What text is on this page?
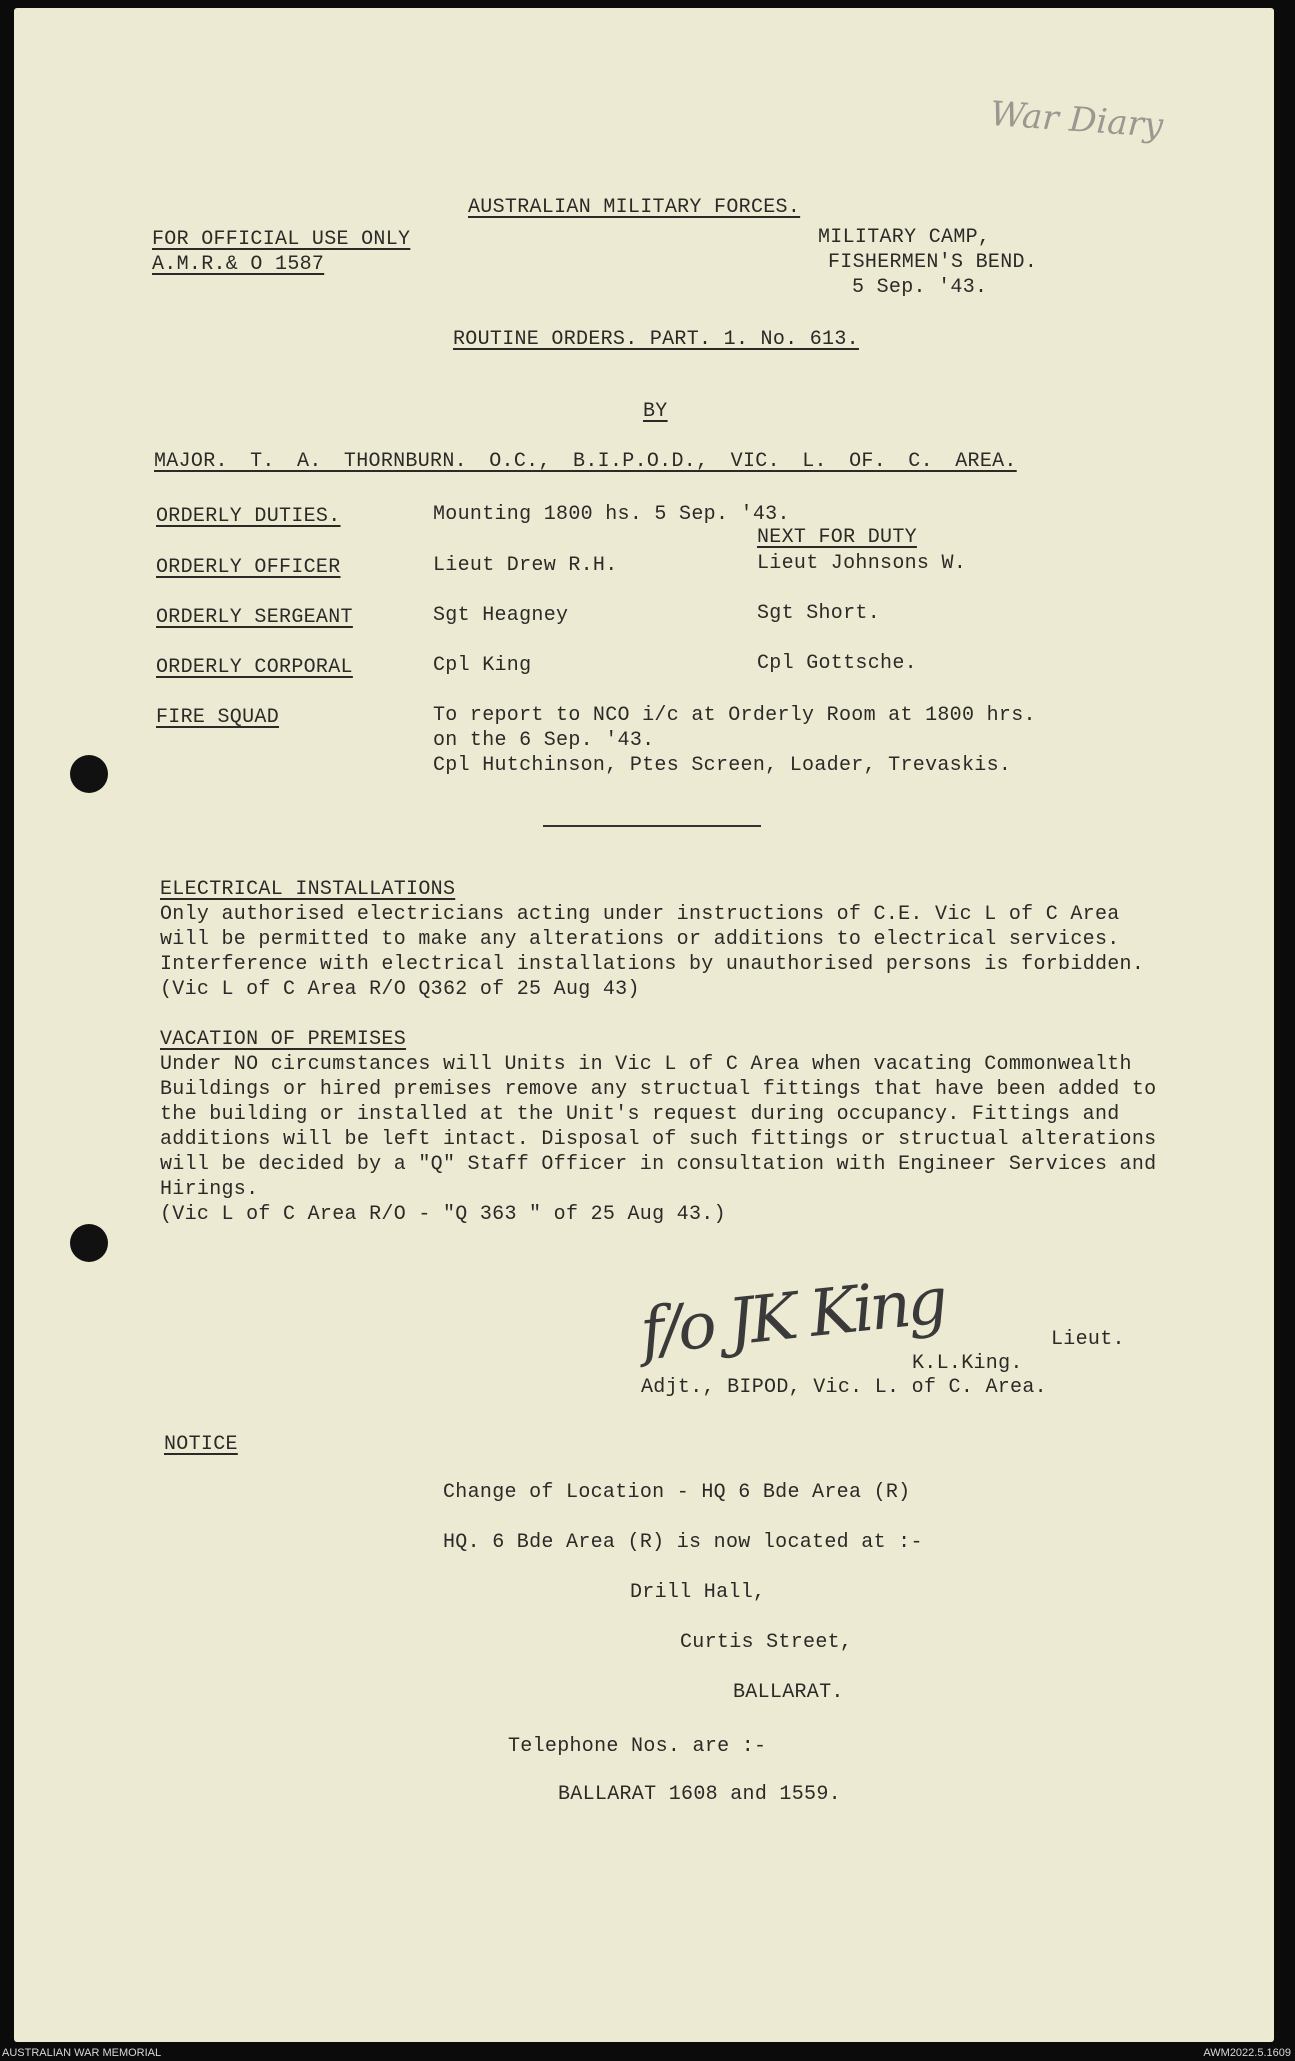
War Diary
AUSTRALIAN MILITARY FORCES.
FOR OFFICIAL USE ONLY
A.M.R.& O 1587
MILITARY CAMP,
FISHERMEN'S BEND.
5 Sep. '43.
ROUTINE ORDERS. PART. 1. No. 613.
BY
MAJOR. T. A. THORNBURN. O.C., B.I.P.O.D., VIC. L. OF. C. AREA.
ORDERLY DUTIES.	Mounting 1800 hs. 5 Sep. '43.
NEXT FOR DUTY
ORDERLY OFFICER	Lieut Drew R.H.	Lieut Johnsons W.
ORDERLY SERGEANT	Sgt Heagney	Sgt Short.
ORDERLY CORPORAL	Cpl King	Cpl Gottsche.
FIRE SQUAD	To report to NCO i/c at Orderly Room at 1800 hrs.
on the 6 Sep. '43.
Cpl Hutchinson, Ptes Screen, Loader, Trevaskis.
ELECTRICAL INSTALLATIONS
Only authorised electricians acting under instructions of C.E. Vic L of C Area
will be permitted to make any alterations or additions to electrical services.
Interference with electrical installations by unauthorised persons is forbidden.
(Vic L of C Area R/O Q362 of 25 Aug 43)
VACATION OF PREMISES
Under NO circumstances will Units in Vic L of C Area when vacating Commonwealth
Buildings or hired premises remove any structual fittings that have been added to
the building or installed at the Unit's request during occupancy. Fittings and
additions will be left intact. Disposal of such fittings or structual alterations
will be decided by a "Q" Staff Officer in consultation with Engineer Services and
Hirings.
(Vic L of C Area R/O - "Q 363 " of 25 Aug 43.)
f/o JK King	Lieut.
K.L.King.
Adjt., BIPOD, Vic. L. of C. Area.
NOTICE
Change of Location - HQ 6 Bde Area (R)
HQ. 6 Bde Area (R) is now located at :-
Drill Hall,
Curtis Street,
BALLARAT.
Telephone Nos. are :-
BALLARAT 1608 and 1559.
AUSTRALIAN WAR MEMORIAL	AWM2022.5.1609
